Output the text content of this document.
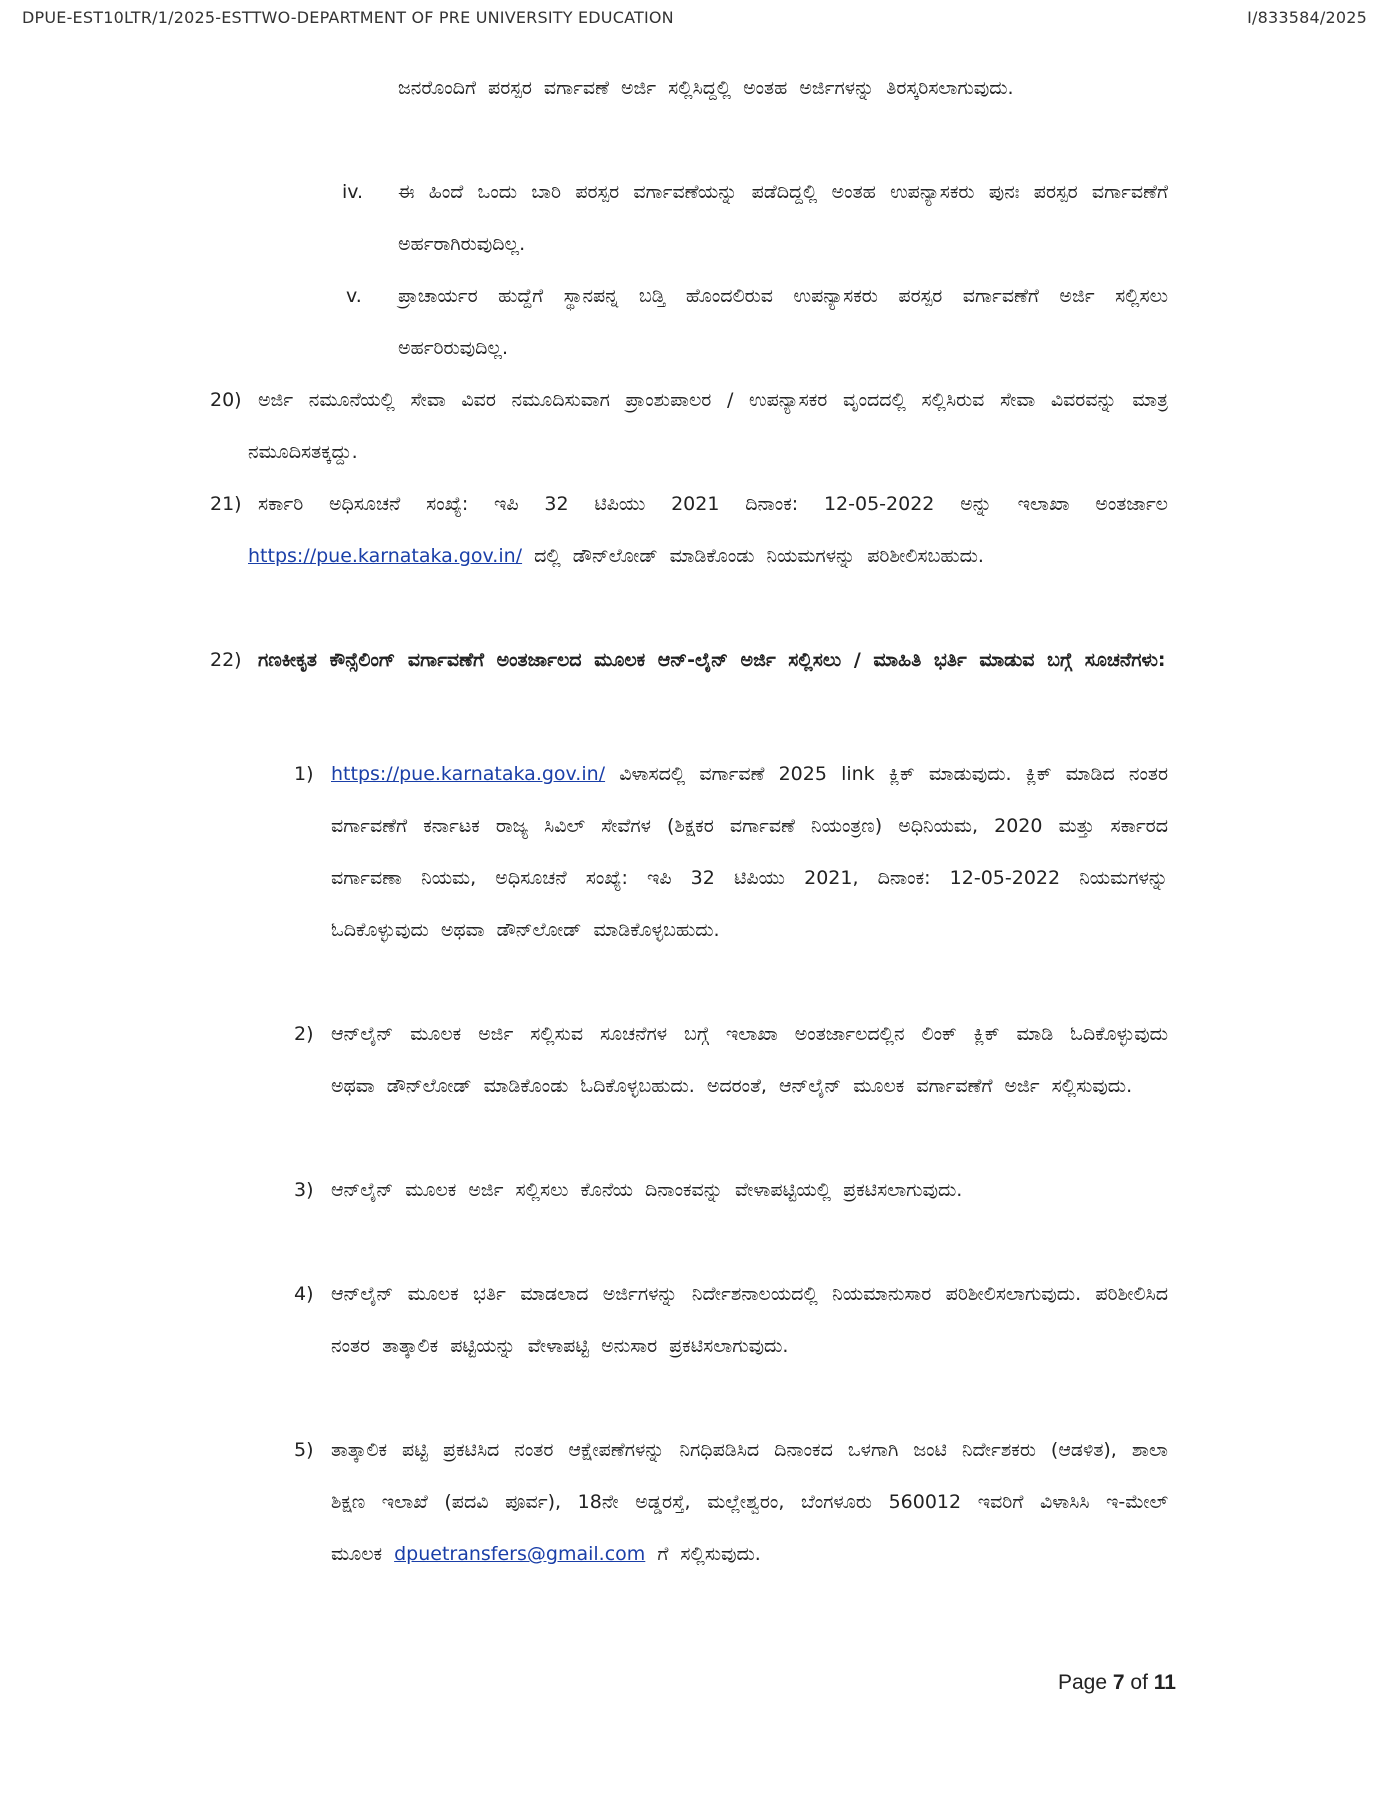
DPUE-EST10LTR/1/2025-ESTTWO-DEPARTMENT OF PRE UNIVERSITY EDUCATION	I/833584/2025
ಜನರೊಂದಿಗೆ ಪರಸ್ಪರ ವರ್ಗಾವಣೆ ಅರ್ಜಿ ಸಲ್ಲಿಸಿದ್ದಲ್ಲಿ ಅಂತಹ ಅರ್ಜಿಗಳನ್ನು ತಿರಸ್ಕರಿಸಲಾಗುವುದು.
iv. ಈ ಹಿಂದೆ ಒಂದು ಬಾರಿ ಪರಸ್ಪರ ವರ್ಗಾವಣೆಯನ್ನು ಪಡೆದಿದ್ದಲ್ಲಿ ಅಂತಹ ಉಪನ್ಯಾಸಕರು ಪುನಃ ಪರಸ್ಪರ ವರ್ಗಾವಣೆಗೆ ಅರ್ಹರಾಗಿರುವುದಿಲ್ಲ.
v. ಪ್ರಾಚಾರ್ಯರ ಹುದ್ದೆಗೆ ಸ್ಥಾನಪನ್ನ ಬಡ್ತಿ ಹೊಂದಲಿರುವ ಉಪನ್ಯಾಸಕರು ಪರಸ್ಪರ ವರ್ಗಾವಣೆಗೆ ಅರ್ಜಿ ಸಲ್ಲಿಸಲು ಅರ್ಹರಿರುವುದಿಲ್ಲ.
20) ಅರ್ಜಿ ನಮೂನೆಯಲ್ಲಿ ಸೇವಾ ವಿವರ ನಮೂದಿಸುವಾಗ ಪ್ರಾಂಶುಪಾಲರ / ಉಪನ್ಯಾಸಕರ ವೃಂದದಲ್ಲಿ ಸಲ್ಲಿಸಿರುವ ಸೇವಾ ವಿವರವನ್ನು ಮಾತ್ರ ನಮೂದಿಸತಕ್ಕದ್ದು.
21) ಸರ್ಕಾರಿ ಅಧಿಸೂಚನೆ ಸಂಖ್ಯೆ: ಇಪಿ 32 ಟಿಪಿಯು 2021 ದಿನಾಂಕ: 12-05-2022 ಅನ್ನು ಇಲಾಖಾ ಅಂತರ್ಜಾಲ https://pue.karnataka.gov.in/ ದಲ್ಲಿ ಡೌನ್‌ಲೋಡ್ ಮಾಡಿಕೊಂಡು ನಿಯಮಗಳನ್ನು ಪರಿಶೀಲಿಸಬಹುದು.
22) ಗಣಕೀಕೃತ ಕೌನ್ಸೆಲಿಂಗ್ ವರ್ಗಾವಣೆಗೆ ಅಂತರ್ಜಾಲದ ಮೂಲಕ ಆನ್-ಲೈನ್ ಅರ್ಜಿ ಸಲ್ಲಿಸಲು / ಮಾಹಿತಿ ಭರ್ತಿ ಮಾಡುವ ಬಗ್ಗೆ ಸೂಚನೆಗಳು:
1) https://pue.karnataka.gov.in/ ವಿಳಾಸದಲ್ಲಿ ವರ್ಗಾವಣೆ 2025 link ಕ್ಲಿಕ್ ಮಾಡುವುದು. ಕ್ಲಿಕ್ ಮಾಡಿದ ನಂತರ ವರ್ಗಾವಣೆಗೆ ಕರ್ನಾಟಕ ರಾಜ್ಯ ಸಿವಿಲ್ ಸೇವೆಗಳ (ಶಿಕ್ಷಕರ ವರ್ಗಾವಣೆ ನಿಯಂತ್ರಣ) ಅಧಿನಿಯಮ, 2020 ಮತ್ತು ಸರ್ಕಾರದ ವರ್ಗಾವಣಾ ನಿಯಮ, ಅಧಿಸೂಚನೆ ಸಂಖ್ಯೆ: ಇಪಿ 32 ಟಿಪಿಯು 2021, ದಿನಾಂಕ: 12-05-2022 ನಿಯಮಗಳನ್ನು ಓದಿಕೊಳ್ಳುವುದು ಅಥವಾ ಡೌನ್‌ಲೋಡ್ ಮಾಡಿಕೊಳ್ಳಬಹುದು.
2) ಆನ್‌ಲೈನ್ ಮೂಲಕ ಅರ್ಜಿ ಸಲ್ಲಿಸುವ ಸೂಚನೆಗಳ ಬಗ್ಗೆ ಇಲಾಖಾ ಅಂತರ್ಜಾಲದಲ್ಲಿನ ಲಿಂಕ್ ಕ್ಲಿಕ್ ಮಾಡಿ ಓದಿಕೊಳ್ಳುವುದು ಅಥವಾ ಡೌನ್‌ಲೋಡ್ ಮಾಡಿಕೊಂಡು ಓದಿಕೊಳ್ಳಬಹುದು. ಅದರಂತೆ, ಆನ್‌ಲೈನ್ ಮೂಲಕ ವರ್ಗಾವಣೆಗೆ ಅರ್ಜಿ ಸಲ್ಲಿಸುವುದು.
3) ಆನ್‌ಲೈನ್ ಮೂಲಕ ಅರ್ಜಿ ಸಲ್ಲಿಸಲು ಕೊನೆಯ ದಿನಾಂಕವನ್ನು ವೇಳಾಪಟ್ಟಿಯಲ್ಲಿ ಪ್ರಕಟಿಸಲಾಗುವುದು.
4) ಆನ್‌ಲೈನ್ ಮೂಲಕ ಭರ್ತಿ ಮಾಡಲಾದ ಅರ್ಜಿಗಳನ್ನು ನಿರ್ದೇಶನಾಲಯದಲ್ಲಿ ನಿಯಮಾನುಸಾರ ಪರಿಶೀಲಿಸಲಾಗುವುದು. ಪರಿಶೀಲಿಸಿದ ನಂತರ ತಾತ್ಕಾಲಿಕ ಪಟ್ಟಿಯನ್ನು ವೇಳಾಪಟ್ಟಿ ಅನುಸಾರ ಪ್ರಕಟಿಸಲಾಗುವುದು.
5) ತಾತ್ಕಾಲಿಕ ಪಟ್ಟಿ ಪ್ರಕಟಿಸಿದ ನಂತರ ಆಕ್ಷೇಪಣೆಗಳನ್ನು ನಿಗಧಿಪಡಿಸಿದ ದಿನಾಂಕದ ಒಳಗಾಗಿ ಜಂಟಿ ನಿರ್ದೇಶಕರು (ಆಡಳಿತ), ಶಾಲಾ ಶಿಕ್ಷಣ ಇಲಾಖೆ (ಪದವಿ ಪೂರ್ವ), 18ನೇ ಅಡ್ಡರಸ್ತೆ, ಮಲ್ಲೇಶ್ವರಂ, ಬೆಂಗಳೂರು 560012 ಇವರಿಗೆ ವಿಳಾಸಿಸಿ ಇ-ಮೇಲ್ ಮೂಲಕ dpuetransfers@gmail.com ಗೆ ಸಲ್ಲಿಸುವುದು.
Page 7 of 11
